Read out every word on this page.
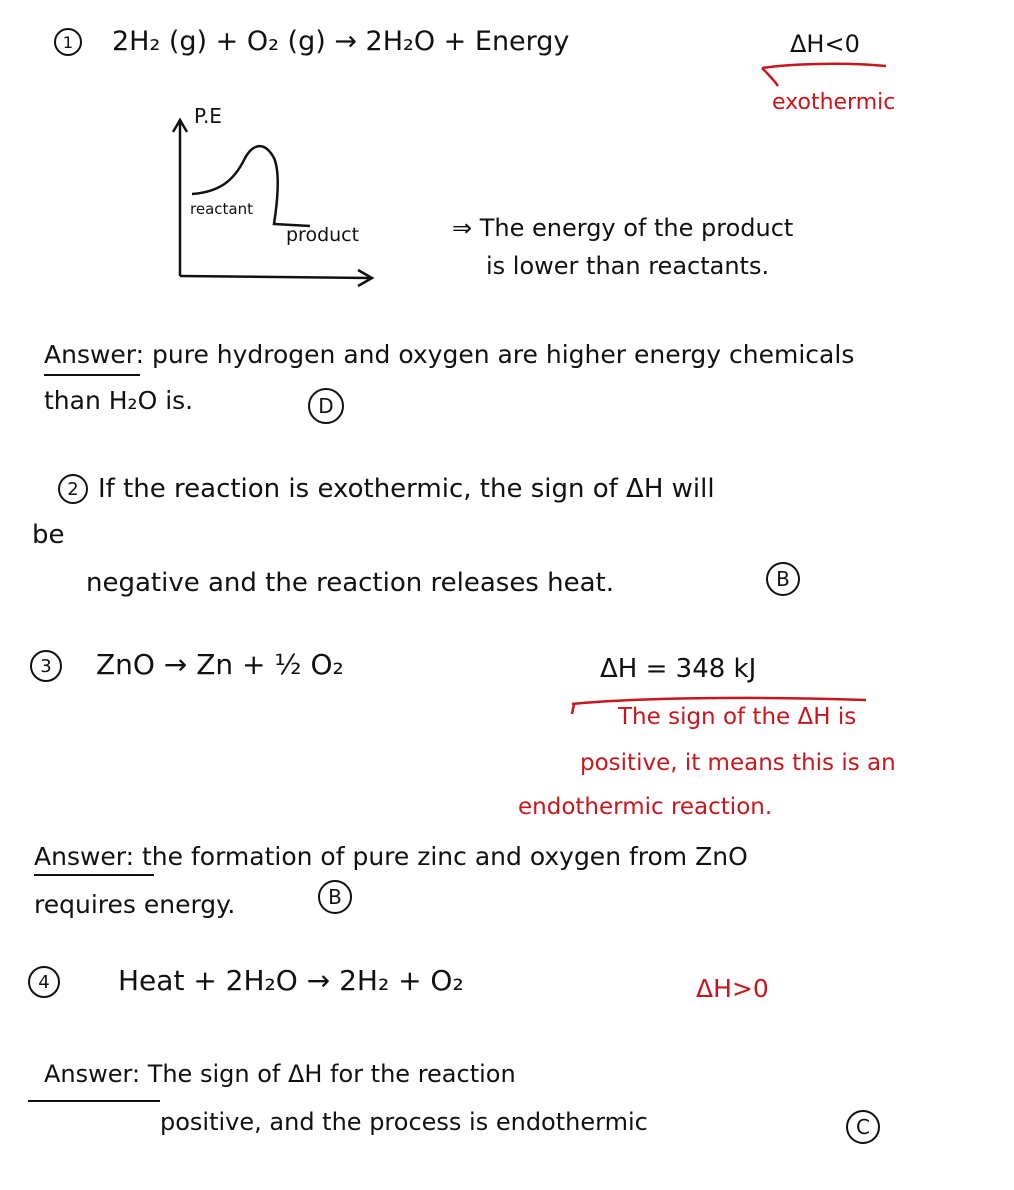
1 2H₂ (g) + O₂ (g) → 2H₂O + Energy	ΔH<0
exothermic
P.E
reactant
product	⇒ The energy of the product
is lower than reactants.
Answer: pure hydrogen and oxygen are higher energy chemicals
than H₂O is.	D
2 If the reaction is exothermic, the sign of ΔH will
be
negative and the reaction releases heat.	B
3 ZnO → Zn + ½ O₂	ΔH = 348 kJ
The sign of the ΔH is
positive, it means this is an
endothermic reaction.
Answer: the formation of pure zinc and oxygen from ZnO
requires energy.	B
4 Heat + 2H₂O → 2H₂ + O₂	ΔH>0
Answer: The sign of ΔH for the reaction
positive, and the process is endothermic	C
